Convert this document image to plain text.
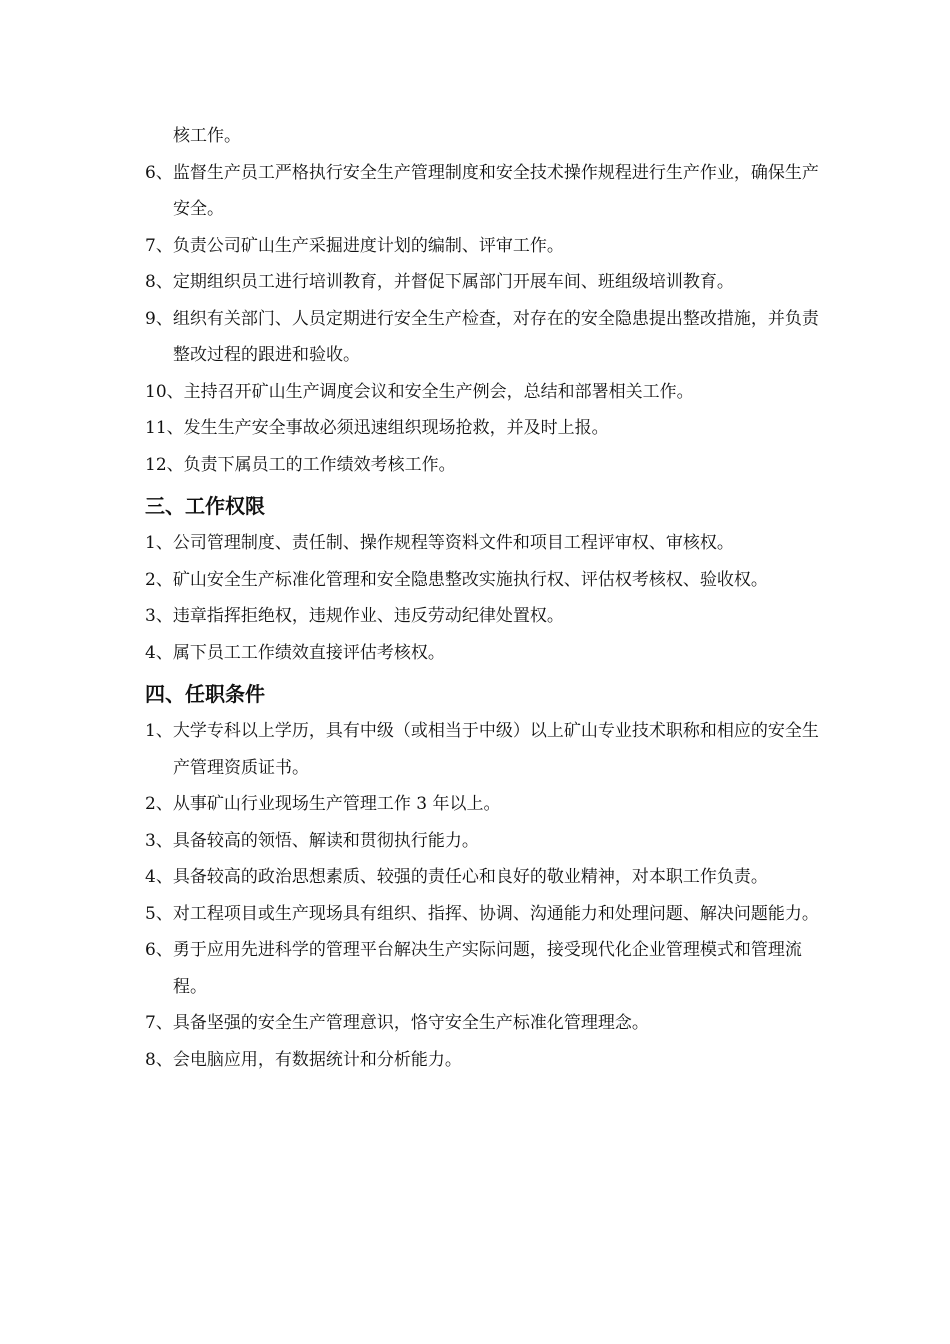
核工作。
6、监督生产员工严格执行安全生产管理制度和安全技术操作规程进行生产作业，确保生产安全。
7、负责公司矿山生产采掘进度计划的编制、评审工作。
8、定期组织员工进行培训教育，并督促下属部门开展车间、班组级培训教育。
9、组织有关部门、人员定期进行安全生产检查，对存在的安全隐患提出整改措施，并负责整改过程的跟进和验收。
10、主持召开矿山生产调度会议和安全生产例会，总结和部署相关工作。
11、发生生产安全事故必须迅速组织现场抢救，并及时上报。
12、负责下属员工的工作绩效考核工作。
三、工作权限
1、公司管理制度、责任制、操作规程等资料文件和项目工程评审权、审核权。
2、矿山安全生产标准化管理和安全隐患整改实施执行权、评估权考核权、验收权。
3、违章指挥拒绝权，违规作业、违反劳动纪律处置权。
4、属下员工工作绩效直接评估考核权。
四、任职条件
1、大学专科以上学历，具有中级（或相当于中级）以上矿山专业技术职称和相应的安全生产管理资质证书。
2、从事矿山行业现场生产管理工作 3 年以上。
3、具备较高的领悟、解读和贯彻执行能力。
4、具备较高的政治思想素质、较强的责任心和良好的敬业精神，对本职工作负责。
5、对工程项目或生产现场具有组织、指挥、协调、沟通能力和处理问题、解决问题能力。
6、勇于应用先进科学的管理平台解决生产实际问题，接受现代化企业管理模式和管理流程。
7、具备坚强的安全生产管理意识，恪守安全生产标准化管理理念。
8、会电脑应用，有数据统计和分析能力。
